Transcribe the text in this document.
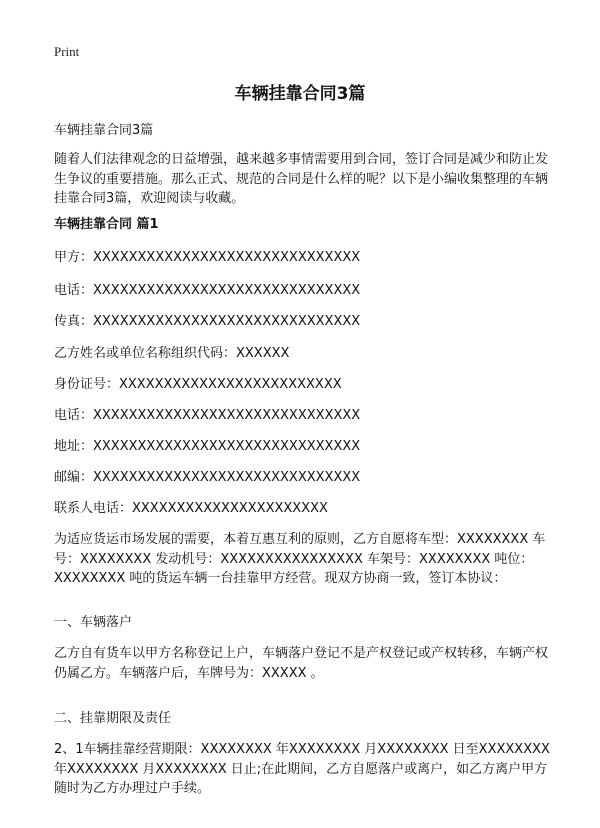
Print
车辆挂靠合同3篇
车辆挂靠合同3篇
随着人们法律观念的日益增强，越来越多事情需要用到合同，签订合同是减少和防止发生争议的重要措施。那么正式、规范的合同是什么样的呢？以下是小编收集整理的车辆挂靠合同3篇，欢迎阅读与收藏。
车辆挂靠合同 篇1
甲方：XXXXXXXXXXXXXXXXXXXXXXXXXXXXXX
电话：XXXXXXXXXXXXXXXXXXXXXXXXXXXXXX
传真：XXXXXXXXXXXXXXXXXXXXXXXXXXXXXX
乙方姓名或单位名称组织代码：XXXXXX
身份证号：XXXXXXXXXXXXXXXXXXXXXXXXX
电话：XXXXXXXXXXXXXXXXXXXXXXXXXXXXXX
地址：XXXXXXXXXXXXXXXXXXXXXXXXXXXXXX
邮编：XXXXXXXXXXXXXXXXXXXXXXXXXXXXXX
联系人电话：XXXXXXXXXXXXXXXXXXXXXX
为适应货运市场发展的需要，本着互惠互利的原则，乙方自愿将车型：XXXXXXXX 车号：XXXXXXXX 发动机号：XXXXXXXXXXXXXXXX 车架号：XXXXXXXX 吨位：XXXXXXXX 吨的货运车辆一台挂靠甲方经营。现双方协商一致，签订本协议：
一、车辆落户
乙方自有货车以甲方名称登记上户，车辆落户登记不是产权登记或产权转移，车辆产权仍属乙方。车辆落户后，车牌号为：XXXXX 。
二、挂靠期限及责任
2、1车辆挂靠经营期限：XXXXXXXX 年XXXXXXXX 月XXXXXXXX 日至XXXXXXXX 年XXXXXXXX 月XXXXXXXX 日止;在此期间，乙方自愿落户或离户，如乙方离户甲方随时为乙方办理过户手续。
